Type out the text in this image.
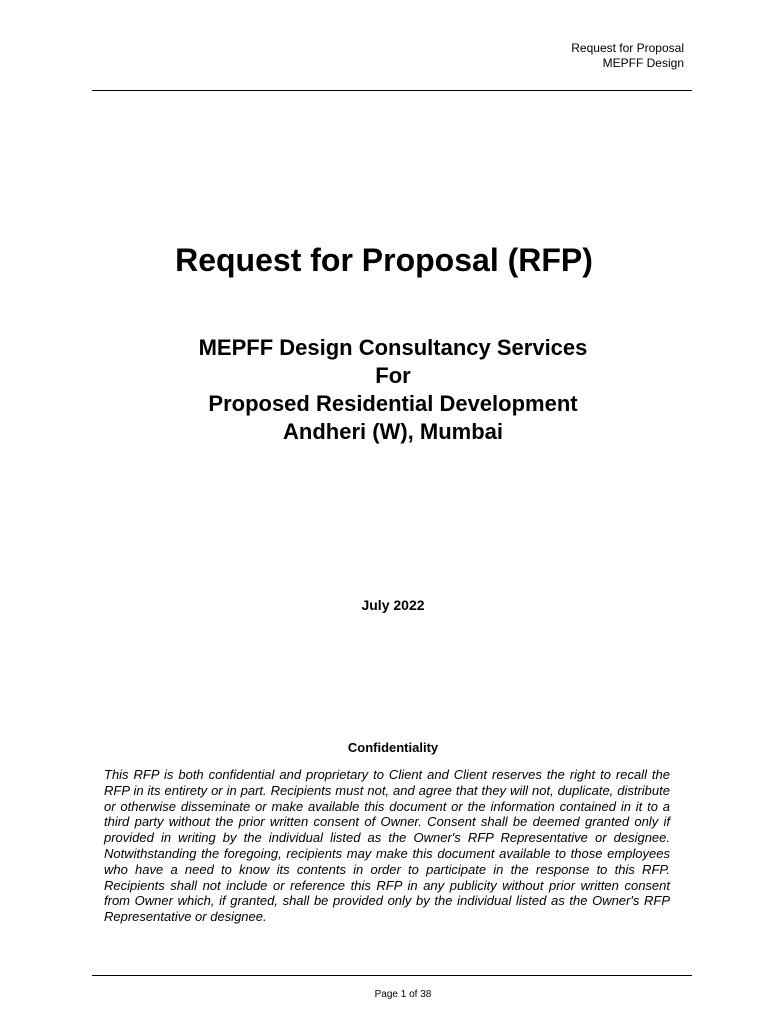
Request for Proposal
MEPFF Design
Request for Proposal (RFP)
MEPFF Design Consultancy Services
For
Proposed Residential Development
Andheri (W), Mumbai
July 2022
Confidentiality
This RFP is both confidential and proprietary to Client and Client reserves the right to recall the RFP in its entirety or in part. Recipients must not, and agree that they will not, duplicate, distribute or otherwise disseminate or make available this document or the information contained in it to a third party without the prior written consent of Owner. Consent shall be deemed granted only if provided in writing by the individual listed as the Owner's RFP Representative or designee. Notwithstanding the foregoing, recipients may make this document available to those employees who have a need to know its contents in order to participate in the response to this RFP. Recipients shall not include or reference this RFP in any publicity without prior written consent from Owner which, if granted, shall be provided only by the individual listed as the Owner's RFP Representative or designee.
Page 1 of 38
